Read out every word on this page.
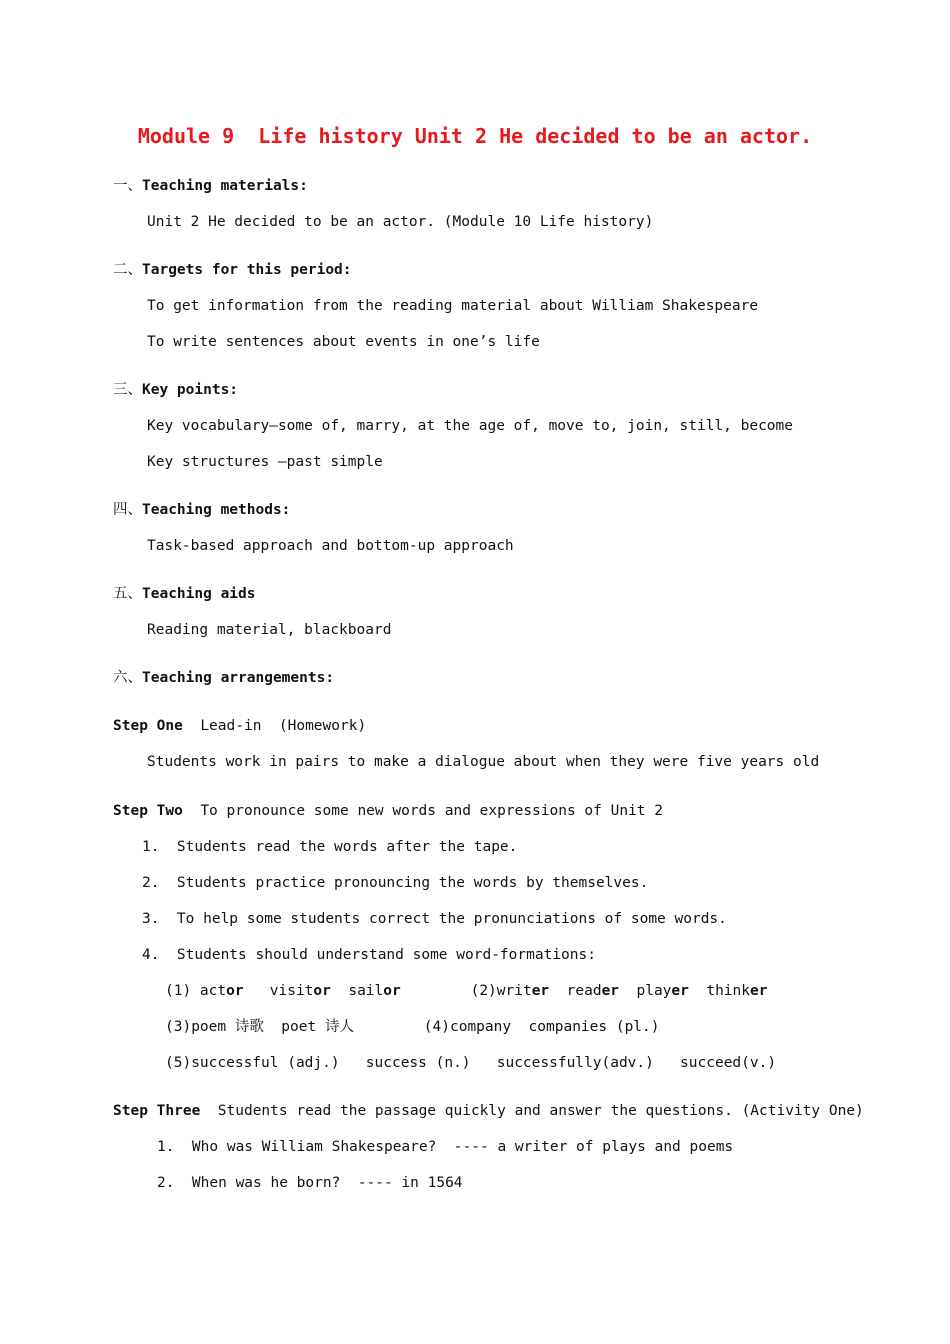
Module 9  Life history Unit 2 He decided to be an actor.
一、Teaching materials:
Unit 2 He decided to be an actor. (Module 10 Life history)
二、Targets for this period:
To get information from the reading material about William Shakespeare
To write sentences about events in one’s life
三、Key points:
Key vocabulary—some of, marry, at the age of, move to, join, still, become
Key structures —past simple
四、Teaching methods:
Task-based approach and bottom-up approach
五、Teaching aids
Reading material, blackboard
六、Teaching arrangements:
Step One Lead-in  (Homework)
Students work in pairs to make a dialogue about when they were five years old
Step Two To pronounce some new words and expressions of Unit 2
1.  Students read the words after the tape.
2.  Students practice pronouncing the words by themselves.
3.  To help some students correct the pronunciations of some words.
4.  Students should understand some word-formations:
(1) actor   visitor  sailor        (2)writer  reader  player  thinker
(3)poem 诗歌  poet 诗人        (4)company  companies (pl.)
(5)successful (adj.)   success (n.)   successfully(adv.)   succeed(v.)
Step Three Students read the passage quickly and answer the questions. (Activity One)
1.  Who was William Shakespeare?  ---- a writer of plays and poems
2.  When was he born?  ---- in 1564
